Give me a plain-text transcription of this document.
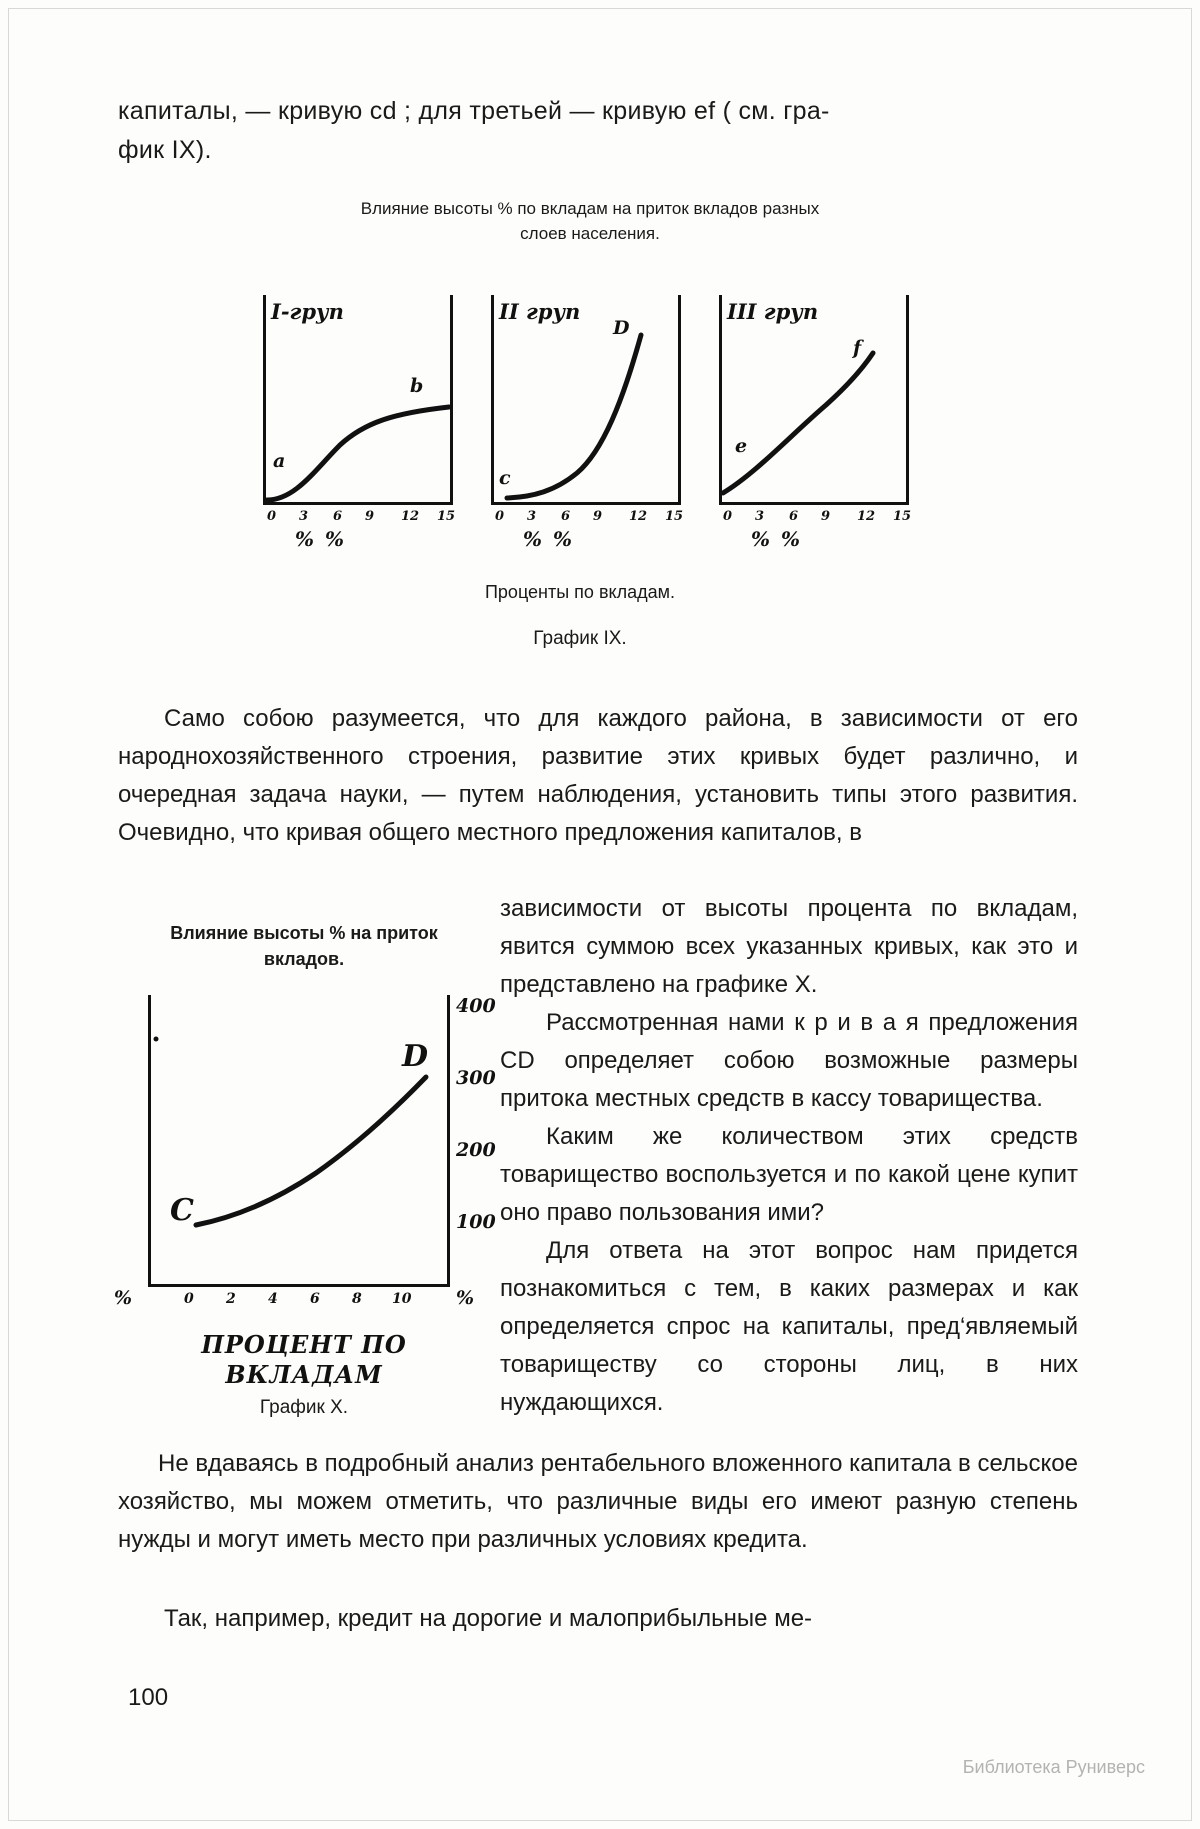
капиталы, — кривую cd ; для третьей — кривую ef ( см. гра-
фик IX).
Влияние высоты % по вкладам на приток вкладов разных
слоев населения.
I-груп
a
b
0 3 6 9 12 15
% %
II груп
c
D
0 3 6 9 12 15
% %
III груп
e
f
0 3 6 9 12 15
% %
Проценты по вкладам.
График IX.
Само собою разумеется, что для каждого района, в зависимости от его народнохозяйственного строения, развитие этих кривых будет различно, и очередная задача науки, — путем наблюдения, установить типы этого развития. Очевидно, что кривая общего местного предложения капиталов, в
Влияние высоты % на приток
вкладов.
400
300
200
100
C
D
0 2 4 6 8 10
%	%
ПРОЦЕНТ ПО
ВКЛАДАМ
График X.

зависимости от высоты процента по вкладам, явится суммою всех указанных кривых, как это и представлено на графике X.

Рассмотренная нами к р и в а я предложения CD определяет собою возможные размеры притока местных средств в кассу товарищества.

Каким же количеством этих средств товарищество воспользуется и по какой цене купит оно право пользования ими?

Для ответа на этот вопрос нам придется познакомиться с тем, в каких размерах и как определяется спрос на капиталы, пред‘являемый товариществу со стороны лиц, в них нуждающихся.

Не вдаваясь в подробный анализ рентабельного вложенного капитала в сельское хозяйство, мы можем отметить, что различные виды его имеют разную степень нужды и могут иметь место при различных условиях кредита.

Так, например, кредит на дорогие и малоприбыльные ме-
100
Библиотека Руниверс
